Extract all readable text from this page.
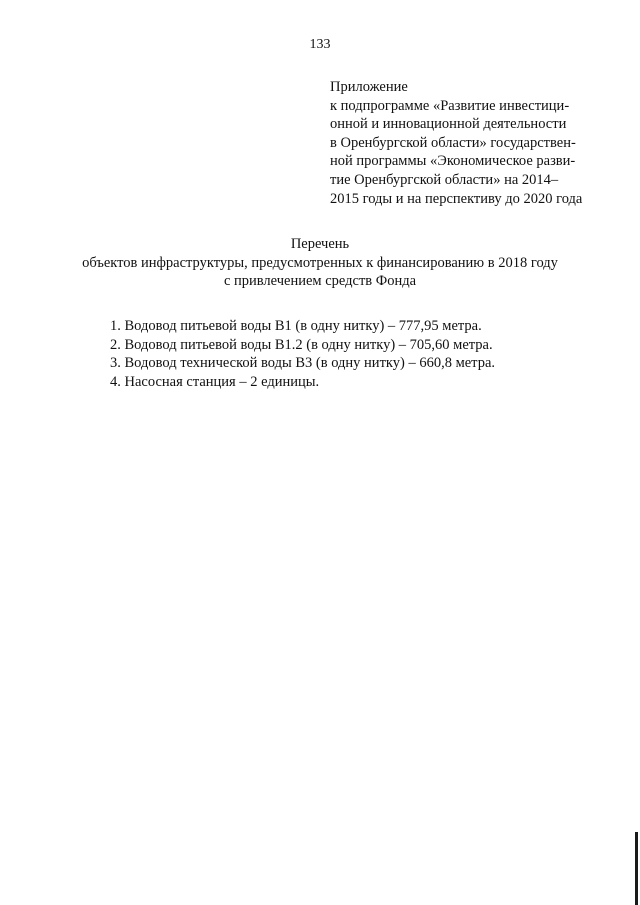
133
Приложение
к подпрограмме «Развитие инвестици-
онной и инновационной деятельности
в Оренбургской области» государствен-
ной программы «Экономическое разви-
тие Оренбургской области» на 2014–
2015 годы и на перспективу до 2020 года
Перечень
объектов инфраструктуры, предусмотренных к финансированию в 2018 году
с привлечением средств Фонда
1. Водовод питьевой воды В1 (в одну нитку) – 777,95 метра.
2. Водовод питьевой воды В1.2 (в одну нитку) – 705,60 метра.
3. Водовод технической воды В3 (в одну нитку) – 660,8 метра.
4. Насосная станция – 2 единицы.
